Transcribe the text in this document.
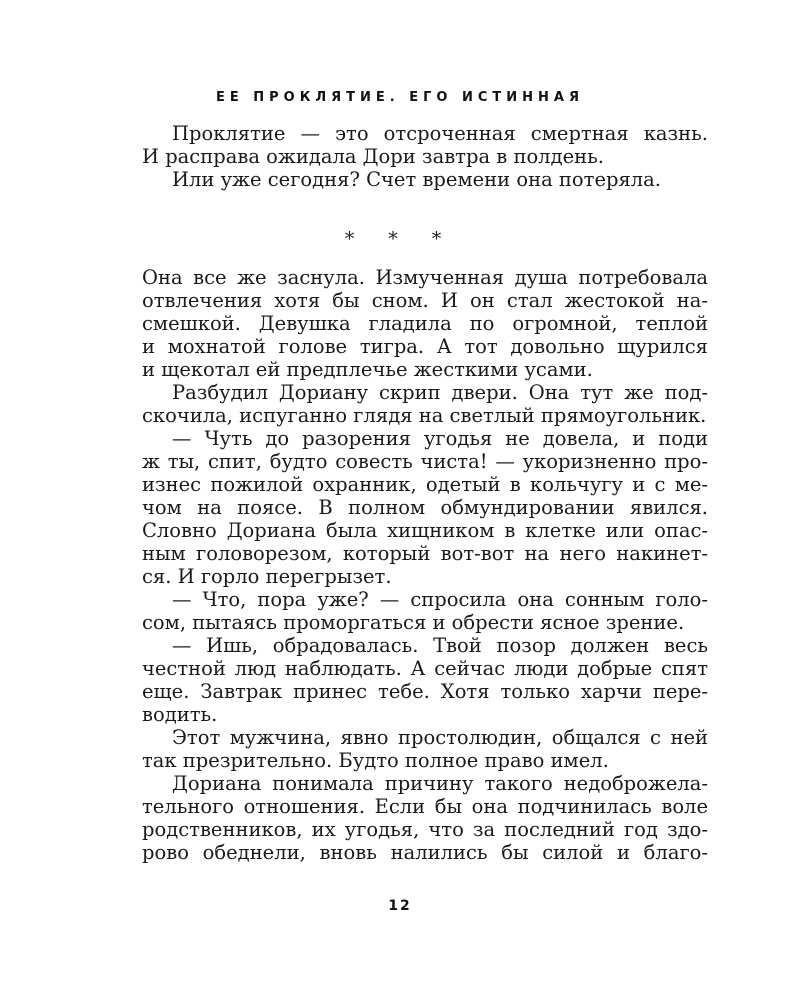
ЕЕ ПРОКЛЯТИЕ. ЕГО ИСТИННАЯ
Проклятие — это отсроченная смертная казнь.
И расправа ожидала Дори завтра в полдень.
Или уже сегодня? Счет времени она потеряла.
* * *
Она все же заснула. Измученная душа потребовала
отвлечения хотя бы сном. И он стал жестокой на-
смешкой. Девушка гладила по огромной, теплой
и мохнатой голове тигра. А тот довольно щурился
и щекотал ей предплечье жесткими усами.
Разбудил Дориану скрип двери. Она тут же под-
скочила, испуганно глядя на светлый прямоугольник.
— Чуть до разорения угодья не довела, и поди
ж ты, спит, будто совесть чиста! — укоризненно про-
изнес пожилой охранник, одетый в кольчугу и с ме-
чом на поясе. В полном обмундировании явился.
Словно Дориана была хищником в клетке или опас-
ным головорезом, который вот-вот на него накинет-
ся. И горло перегрызет.
— Что, пора уже? — спросила она сонным голо-
сом, пытаясь проморгаться и обрести ясное зрение.
— Ишь, обрадовалась. Твой позор должен весь
честной люд наблюдать. А сейчас люди добрые спят
еще. Завтрак принес тебе. Хотя только харчи пере-
водить.
Этот мужчина, явно простолюдин, общался с ней
так презрительно. Будто полное право имел.
Дориана понимала причину такого недоброжела-
тельного отношения. Если бы она подчинилась воле
родственников, их угодья, что за последний год здо-
рово обеднели, вновь налились бы силой и благо-
12
